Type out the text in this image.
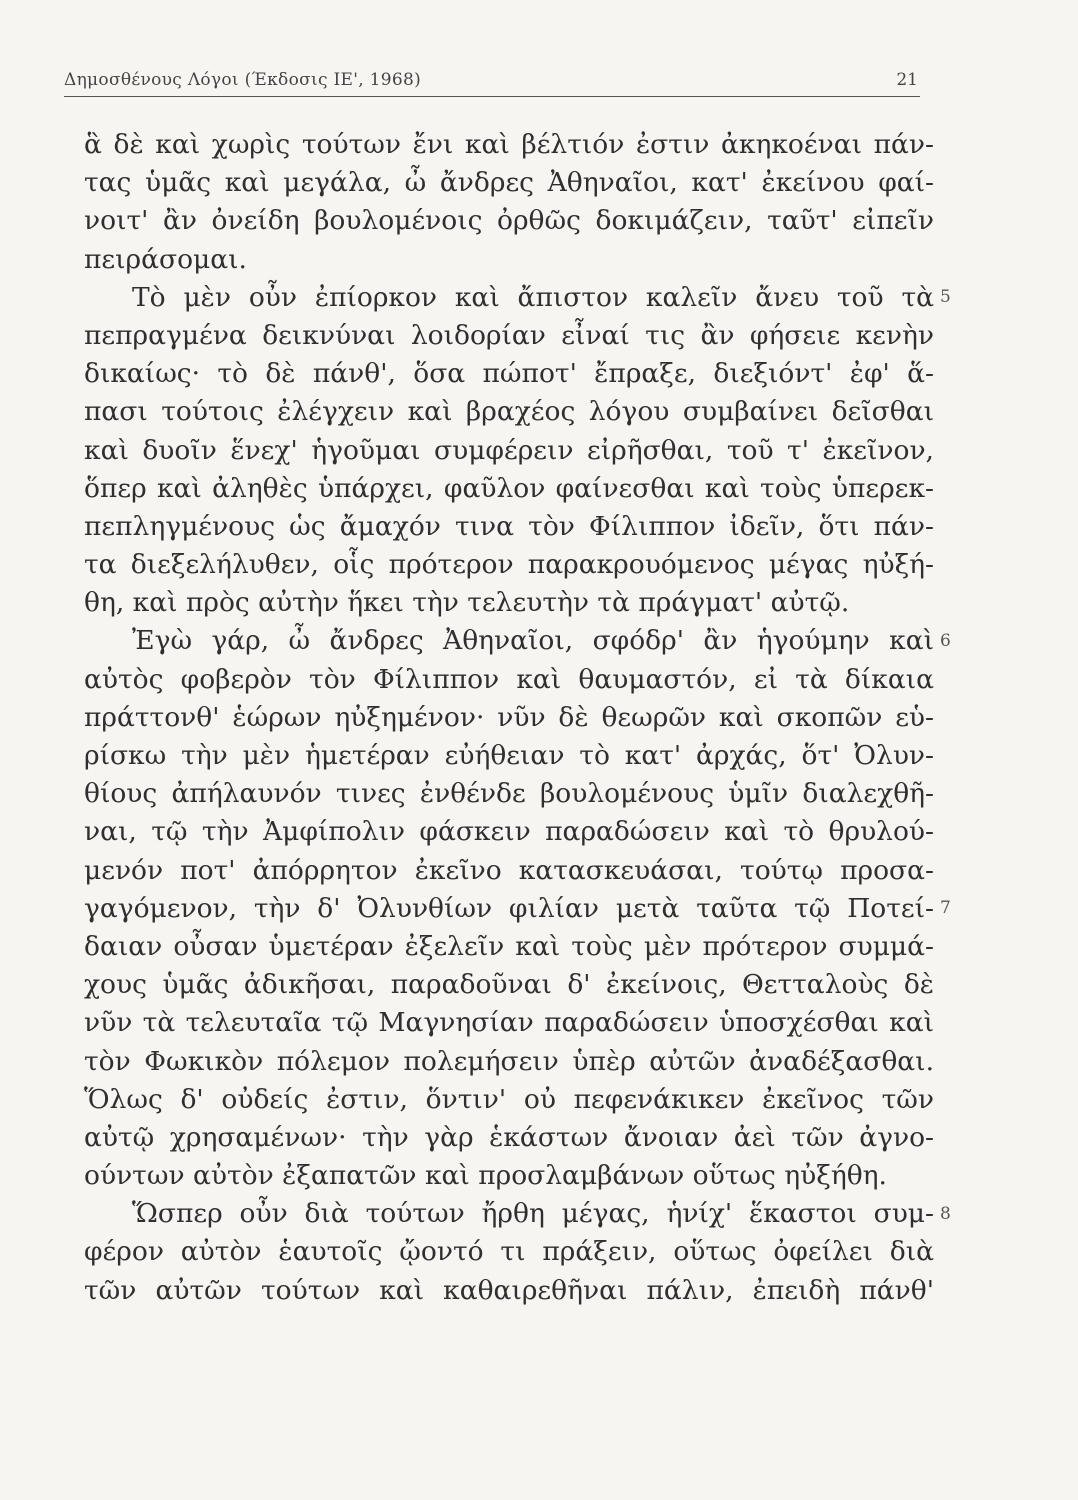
Δημοσθένους Λόγοι (Έκδοσις ΙΕ', 1968)	21
ἃ δὲ καὶ χωρὶς τούτων ἔνι καὶ βέλτιόν ἐστιν ἀκηκοέναι πάν-
τας ὑμᾶς καὶ μεγάλα, ὦ ἄνδρες Ἀθηναῖοι, κατ' ἐκείνου φαί-
νοιτ' ἂν ὀνείδη βουλομένοις ὀρθῶς δοκιμάζειν, ταῦτ' εἰπεῖν
πειράσομαι.
Τὸ μὲν οὖν ἐπίορκον καὶ ἄπιστον καλεῖν ἄνευ τοῦ τὰ
πεπραγμένα δεικνύναι λοιδορίαν εἶναί τις ἂν φήσειε κενὴν
δικαίως· τὸ δὲ πάνθ', ὅσα πώποτ' ἔπραξε, διεξιόντ' ἐφ' ἅ-
πασι τούτοις ἐλέγχειν καὶ βραχέος λόγου συμβαίνει δεῖσθαι
καὶ δυοῖν ἕνεχ' ἡγοῦμαι συμφέρειν εἰρῆσθαι, τοῦ τ' ἐκεῖνον,
ὅπερ καὶ ἀληθὲς ὑπάρχει, φαῦλον φαίνεσθαι καὶ τοὺς ὑπερεκ-
πεπληγμένους ὡς ἄμαχόν τινα τὸν Φίλιππον ἰδεῖν, ὅτι πάν-
τα διεξελήλυθεν, οἷς πρότερον παρακρουόμενος μέγας ηὐξή-
θη, καὶ πρὸς αὐτὴν ἥκει τὴν τελευτὴν τὰ πράγματ' αὐτῷ.
Ἐγὼ γάρ, ὦ ἄνδρες Ἀθηναῖοι, σφόδρ' ἂν ἡγούμην καὶ
αὐτὸς φοβερὸν τὸν Φίλιππον καὶ θαυμαστόν, εἰ τὰ δίκαια
πράττονθ' ἑώρων ηὐξημένον· νῦν δὲ θεωρῶν καὶ σκοπῶν εὑ-
ρίσκω τὴν μὲν ἡμετέραν εὐήθειαν τὸ κατ' ἀρχάς, ὅτ' Ὀλυν-
θίους ἀπήλαυνόν τινες ἐνθένδε βουλομένους ὑμῖν διαλεχθῆ-
ναι, τῷ τὴν Ἀμφίπολιν φάσκειν παραδώσειν καὶ τὸ θρυλού-
μενόν ποτ' ἀπόρρητον ἐκεῖνο κατασκευάσαι, τούτῳ προσα-
γαγόμενον, τὴν δ' Ὀλυνθίων φιλίαν μετὰ ταῦτα τῷ Ποτεί-
δαιαν οὖσαν ὑμετέραν ἐξελεῖν καὶ τοὺς μὲν πρότερον συμμά-
χους ὑμᾶς ἀδικῆσαι, παραδοῦναι δ' ἐκείνοις, Θετταλοὺς δὲ
νῦν τὰ τελευταῖα τῷ Μαγνησίαν παραδώσειν ὑποσχέσθαι καὶ
τὸν Φωκικὸν πόλεμον πολεμήσειν ὑπὲρ αὐτῶν ἀναδέξασθαι.
Ὅλως δ' οὐδείς ἐστιν, ὅντιν' οὐ πεφενάκικεν ἐκεῖνος τῶν
αὐτῷ χρησαμένων· τὴν γὰρ ἑκάστων ἄνοιαν ἀεὶ τῶν ἀγνο-
ούντων αὐτὸν ἐξαπατῶν καὶ προσλαμβάνων οὕτως ηὐξήθη.
Ὥσπερ οὖν διὰ τούτων ἤρθη μέγας, ἡνίχ' ἕκαστοι συμ-
φέρον αὐτὸν ἑαυτοῖς ᾤοντό τι πράξειν, οὕτως ὀφείλει διὰ
τῶν αὐτῶν τούτων καὶ καθαιρεθῆναι πάλιν, ἐπειδὴ πάνθ'
5
6
7
8
